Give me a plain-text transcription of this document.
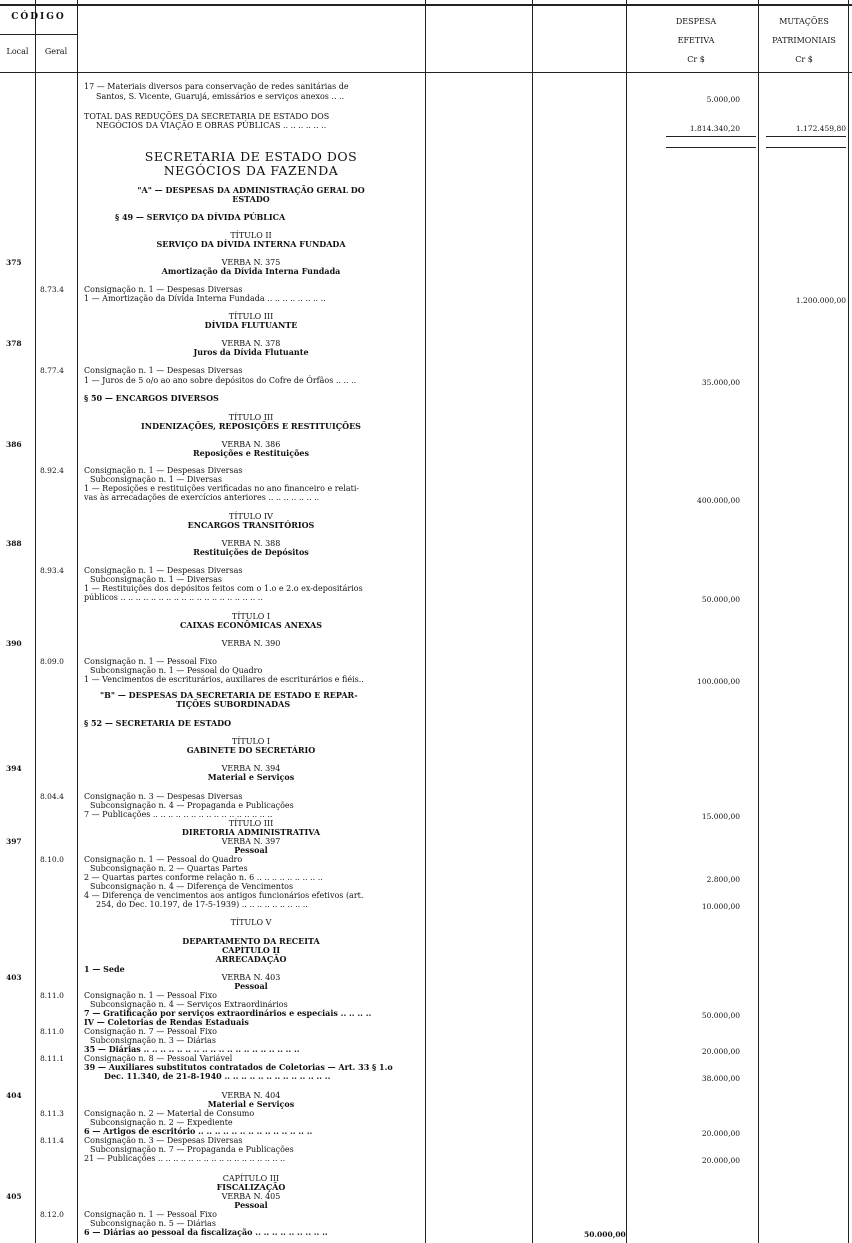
CÓDIGO
Local	Geral
DESPESA
EFETIVA
Cr $
MUTAÇÕES
PATRIMONIAIS
Cr $
17 — Materiais diversos para conservação de redes sanitárias de
Santos, S. Vicente, Guarujá, emissários e serviços anexos .. ..
TOTAL DAS REDUÇÕES DA SECRETARIA DE ESTADO DOS
NEGÓCIOS DA VIAÇÃO E OBRAS PÚBLICAS .. .. .. .. .. ..
SECRETARIA DE ESTADO DOS
NEGÓCIOS DA FAZENDA
"A" — DESPESAS DA ADMINISTRAÇÃO GERAL DO
ESTADO
§ 49 — SERVIÇO DA DÍVIDA PÚBLICA
TÍTULO II
SERVIÇO DA DÍVIDA INTERNA FUNDADA
VERBA N. 375
Amortização da Dívida Interna Fundada
Consignação n. 1 — Despesas Diversas
1 — Amortização da Dívida Interna Fundada .. .. .. .. .. .. .. ..
TÍTULO III
DÍVIDA FLUTUANTE
VERBA N. 378
Juros da Dívida Flutuante
Consignação n. 1 — Despesas Diversas
1 — Juros de 5 o/o ao ano sobre depósitos do Cofre de Órfãos .. .. ..
§ 50 — ENCARGOS DIVERSOS
TÍTULO III
INDENIZAÇÕES, REPOSIÇÕES E RESTITUIÇÕES
VERBA N. 386
Reposições e Restituições
Consignação n. 1 — Despesas Diversas
Subconsignação n. 1 — Diversas
1 — Reposições e restituições verificadas no ano financeiro e relati-
vas às arrecadações de exercícios anteriores .. .. .. .. .. .. ..
TÍTULO IV
ENCARGOS TRANSITÓRIOS
VERBA N. 388
Restituições de Depósitos
Consignação n. 1 — Despesas Diversas
Subconsignação n. 1 — Diversas
1 — Restituições dos depósitos feitos com o 1.o e 2.o ex-depositários
públicos .. .. .. .. .. .. .. .. .. .. .. .. .. .. .. .. .. .. ..
TÍTULO I
CAIXAS ECONÔMICAS ANEXAS
VERBA N. 390
Consignação n. 1 — Pessoal Fixo
Subconsignação n. 1 — Pessoal do Quadro
1 — Vencimentos de escriturários, auxiliares de escriturários e fiéis..
"B" — DESPESAS DA SECRETARIA DE ESTADO E REPAR-
TIÇÕES SUBORDINADAS
§ 52 — SECRETARIA DE ESTADO
TÍTULO I
GABINETE DO SECRETÁRIO
VERBA N. 394
Material e Serviços
Consignação n. 3 — Despesas Diversas
Subconsignação n. 4 — Propaganda e Publicações
7 — Publicações .. .. .. .. .. .. .. .. .. .. .. .. .. .. .. ..
TÍTULO III
DIRETORIA ADMINISTRATIVA
VERBA N. 397
Pessoal
Consignação n. 1 — Pessoal do Quadro
Subconsignação n. 2 — Quartas Partes
2 — Quartas partes conforme relação n. 6 .. .. .. .. .. .. .. .. ..
Subconsignação n. 4 — Diferença de Vencimentos
4 — Diferença de vencimentos aos antigos funcionários efetivos (art.
254, do Dec. 10.197, de 17-5-1939) .. .. .. .. .. .. .. .. ..
TÍTULO V
DEPARTAMENTO DA RECEITA
CAPÍTULO II
ARRECADAÇÃO
1 — Sede
VERBA N. 403
Pessoal
Consignação n. 1 — Pessoal Fixo
Subconsignação n. 4 — Serviços Extraordinários
7 — Gratificação por serviços extraordinários e especiais .. .. .. ..
IV — Coletorias de Rendas Estaduais
Consignação n. 7 — Pessoal Fixo
Subconsignação n. 3 — Diárias
35 — Diárias .. .. .. .. .. .. .. .. .. .. .. .. .. .. .. .. .. .. ..
Consignação n. 8 — Pessoal Variável
39 — Auxiliares substitutos contratados de Coletorias — Art. 33 § 1.o
Dec. 11.340, de 21-8-1940 .. .. .. .. .. .. .. .. .. .. .. .. ..
VERBA N. 404
Material e Serviços
Consignação n. 2 — Material de Consumo
Subconsignação n. 2 — Expediente
6 — Artigos de escritório .. .. .. .. .. .. .. .. .. .. .. .. .. ..
Consignação n. 3 — Despesas Diversas
Subconsignação n. 7 — Propaganda e Publicações
21 — Publicações .. .. .. .. .. .. .. .. .. .. .. .. .. .. .. .. ..
CAPÍTULO III
FISCALIZAÇÃO
VERBA N. 405
Pessoal
Consignação n. 1 — Pessoal Fixo
Subconsignação n. 5 — Diárias
6 — Diárias ao pessoal da fiscalização .. .. .. .. .. .. .. .. ..
375
378
386
388
390
394
397
403
404
405
8.73.4
8.77.4
8.92.4
8.93.4
8.09.0
8.04.4
8.10.0
8.11.0
8.11.0
8.11.1
8.11.3
8.11.4
8.12.0
5.000,00
1.814.340,20
35.000,00
400.000,00
50.000,00
100.000,00
15.000,00
2.800,00
10.000,00
50.000,00
20.000,00
38.000,00
20.000,00
20.000,00
1.172.459,80
1.200.000,00
50.000,00
